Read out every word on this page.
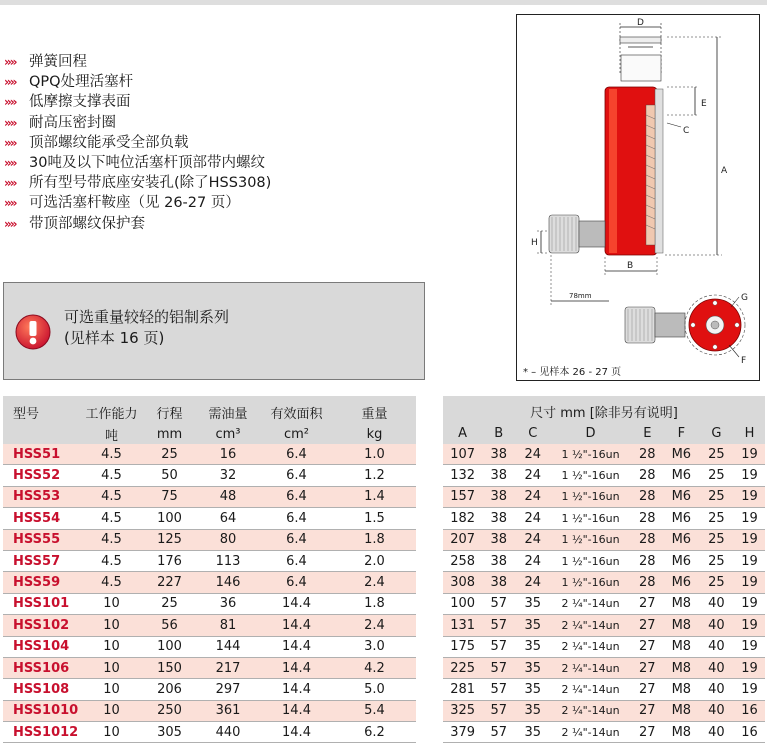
»» 弹簧回程
»» QPQ处理活塞杆
»» 低摩擦支撑表面
»» 耐高压密封圈
»» 顶部螺纹能承受全部负载
»» 30吨及以下吨位活塞杆顶部带内螺纹
»» 所有型号带底座安装孔(除了HSS308)
»» 可选活塞杆鞍座（见 26-27 页）
»» 带顶部螺纹保护套
可选重量较轻的铝制系列
(见样本 16 页)
D
E
C
A
H
B
78mm	G
F
* – 见样本 26 - 27 页
型号	工作能力	行程	需油量	有效面积	重量
	吨	mm	cm³	cm²	kg
HSS51	4.5	25	16	6.4	1.0
HSS52	4.5	50	32	6.4	1.2
HSS53	4.5	75	48	6.4	1.4
HSS54	4.5	100	64	6.4	1.5
HSS55	4.5	125	80	6.4	1.8
HSS57	4.5	176	113	6.4	2.0
HSS59	4.5	227	146	6.4	2.4
HSS101	10	25	36	14.4	1.8
HSS102	10	56	81	14.4	2.4
HSS104	10	100	144	14.4	3.0
HSS106	10	150	217	14.4	4.2
HSS108	10	206	297	14.4	5.0
HSS1010	10	250	361	14.4	5.4
HSS1012	10	305	440	14.4	6.2
尺寸 mm [除非另有说明]							
A	B	C	D	E	F	G	H
107	38	24	1 ½"-16un	28	M6	25	19
132	38	24	1 ½"-16un	28	M6	25	19
157	38	24	1 ½"-16un	28	M6	25	19
182	38	24	1 ½"-16un	28	M6	25	19
207	38	24	1 ½"-16un	28	M6	25	19
258	38	24	1 ½"-16un	28	M6	25	19
308	38	24	1 ½"-16un	28	M6	25	19
100	57	35	2 ¼"-14un	27	M8	40	19
131	57	35	2 ¼"-14un	27	M8	40	19
175	57	35	2 ¼"-14un	27	M8	40	19
225	57	35	2 ¼"-14un	27	M8	40	19
281	57	35	2 ¼"-14un	27	M8	40	19
325	57	35	2 ¼"-14un	27	M8	40	16
379	57	35	2 ¼"-14un	27	M8	40	16
